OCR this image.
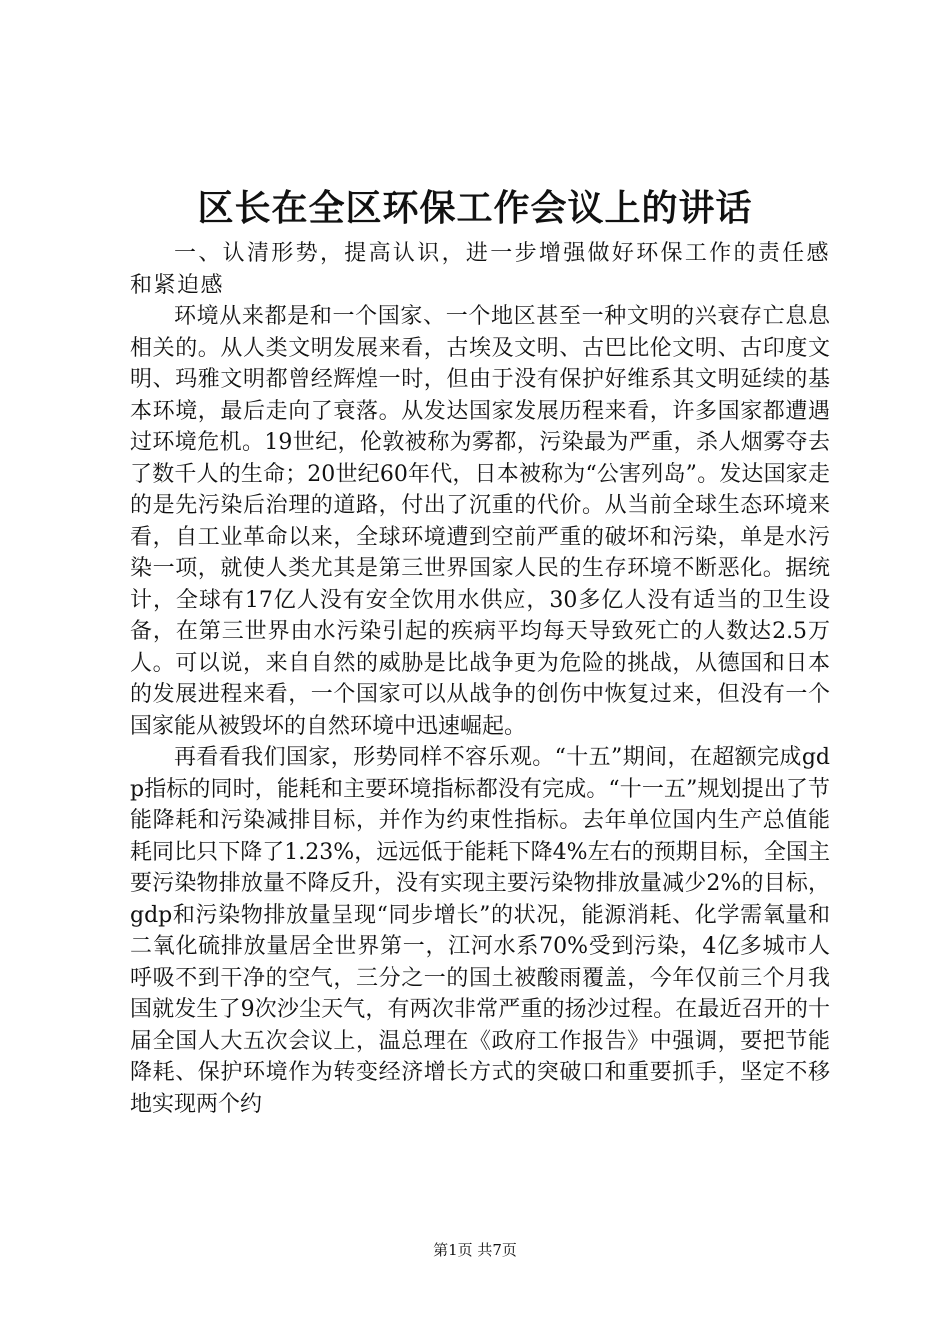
区长在全区环保工作会议上的讲话

一、认清形势，提高认识，进一步增强做好环保工作的责任感和紧迫感

环境从来都是和一个国家、一个地区甚至一种文明的兴衰存亡息息相关的。从人类文明发展来看，古埃及文明、古巴比伦文明、古印度文明、玛雅文明都曾经辉煌一时，但由于没有保护好维系其文明延续的基本环境，最后走向了衰落。从发达国家发展历程来看，许多国家都遭遇过环境危机。19世纪，伦敦被称为雾都，污染最为严重，杀人烟雾夺去了数千人的生命；20世纪60年代，日本被称为“公害列岛”。发达国家走的是先污染后治理的道路，付出了沉重的代价。从当前全球生态环境来看，自工业革命以来，全球环境遭到空前严重的破坏和污染，单是水污染一项，就使人类尤其是第三世界国家人民的生存环境不断恶化。据统计，全球有17亿人没有安全饮用水供应，30多亿人没有适当的卫生设备，在第三世界由水污染引起的疾病平均每天导致死亡的人数达2.5万人。可以说，来自自然的威胁是比战争更为危险的挑战，从德国和日本的发展进程来看，一个国家可以从战争的创伤中恢复过来，但没有一个国家能从被毁坏的自然环境中迅速崛起。

再看看我们国家，形势同样不容乐观。“十五”期间，在超额完成gdp指标的同时，能耗和主要环境指标都没有完成。“十一五”规划提出了节能降耗和污染减排目标，并作为约束性指标。去年单位国内生产总值能耗同比只下降了1.23%，远远低于能耗下降4%左右的预期目标，全国主要污染物排放量不降反升，没有实现主要污染物排放量减少2%的目标，gdp和污染物排放量呈现“同步增长”的状况，能源消耗、化学需氧量和二氧化硫排放量居全世界第一，江河水系70%受到污染，4亿多城市人呼吸不到干净的空气，三分之一的国土被酸雨覆盖，今年仅前三个月我国就发生了9次沙尘天气，有两次非常严重的扬沙过程。在最近召开的十届全国人大五次会议上，温总理在《政府工作报告》中强调，要把节能降耗、保护环境作为转变经济增长方式的突破口和重要抓手，坚定不移地实现两个约

第1页 共7页
